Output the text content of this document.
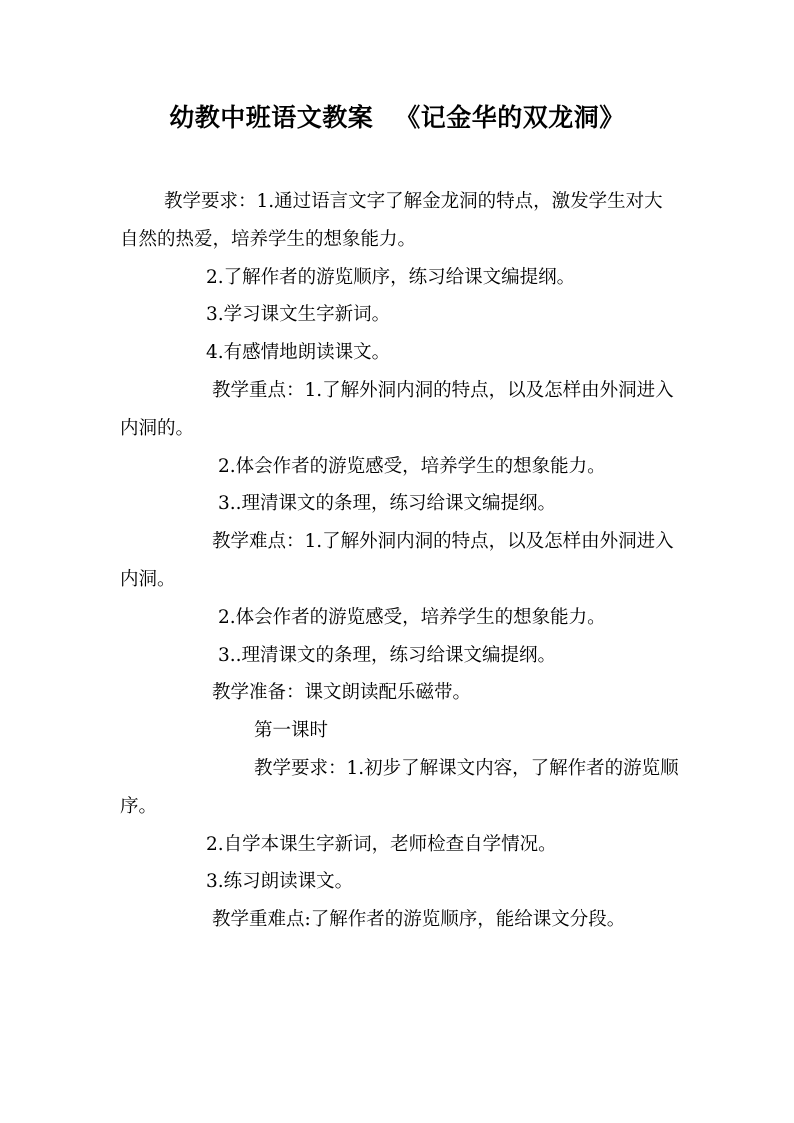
幼教中班语文教案 《记金华的双龙洞》

教学要求：1.通过语言文字了解金龙洞的特点，激发学生对大自然的热爱，培养学生的想象能力。

2.了解作者的游览顺序，练习给课文编提纲。

3.学习课文生字新词。

4.有感情地朗读课文。

教学重点：1.了解外洞内洞的特点，以及怎样由外洞进入内洞的。

2.体会作者的游览感受，培养学生的想象能力。

3..理清课文的条理，练习给课文编提纲。

教学难点：1.了解外洞内洞的特点，以及怎样由外洞进入内洞。

2.体会作者的游览感受，培养学生的想象能力。

3..理清课文的条理，练习给课文编提纲。

教学准备：课文朗读配乐磁带。

第一课时

教学要求：1.初步了解课文内容，了解作者的游览顺序。

2.自学本课生字新词，老师检查自学情况。

3.练习朗读课文。

教学重难点:了解作者的游览顺序，能给课文分段。
